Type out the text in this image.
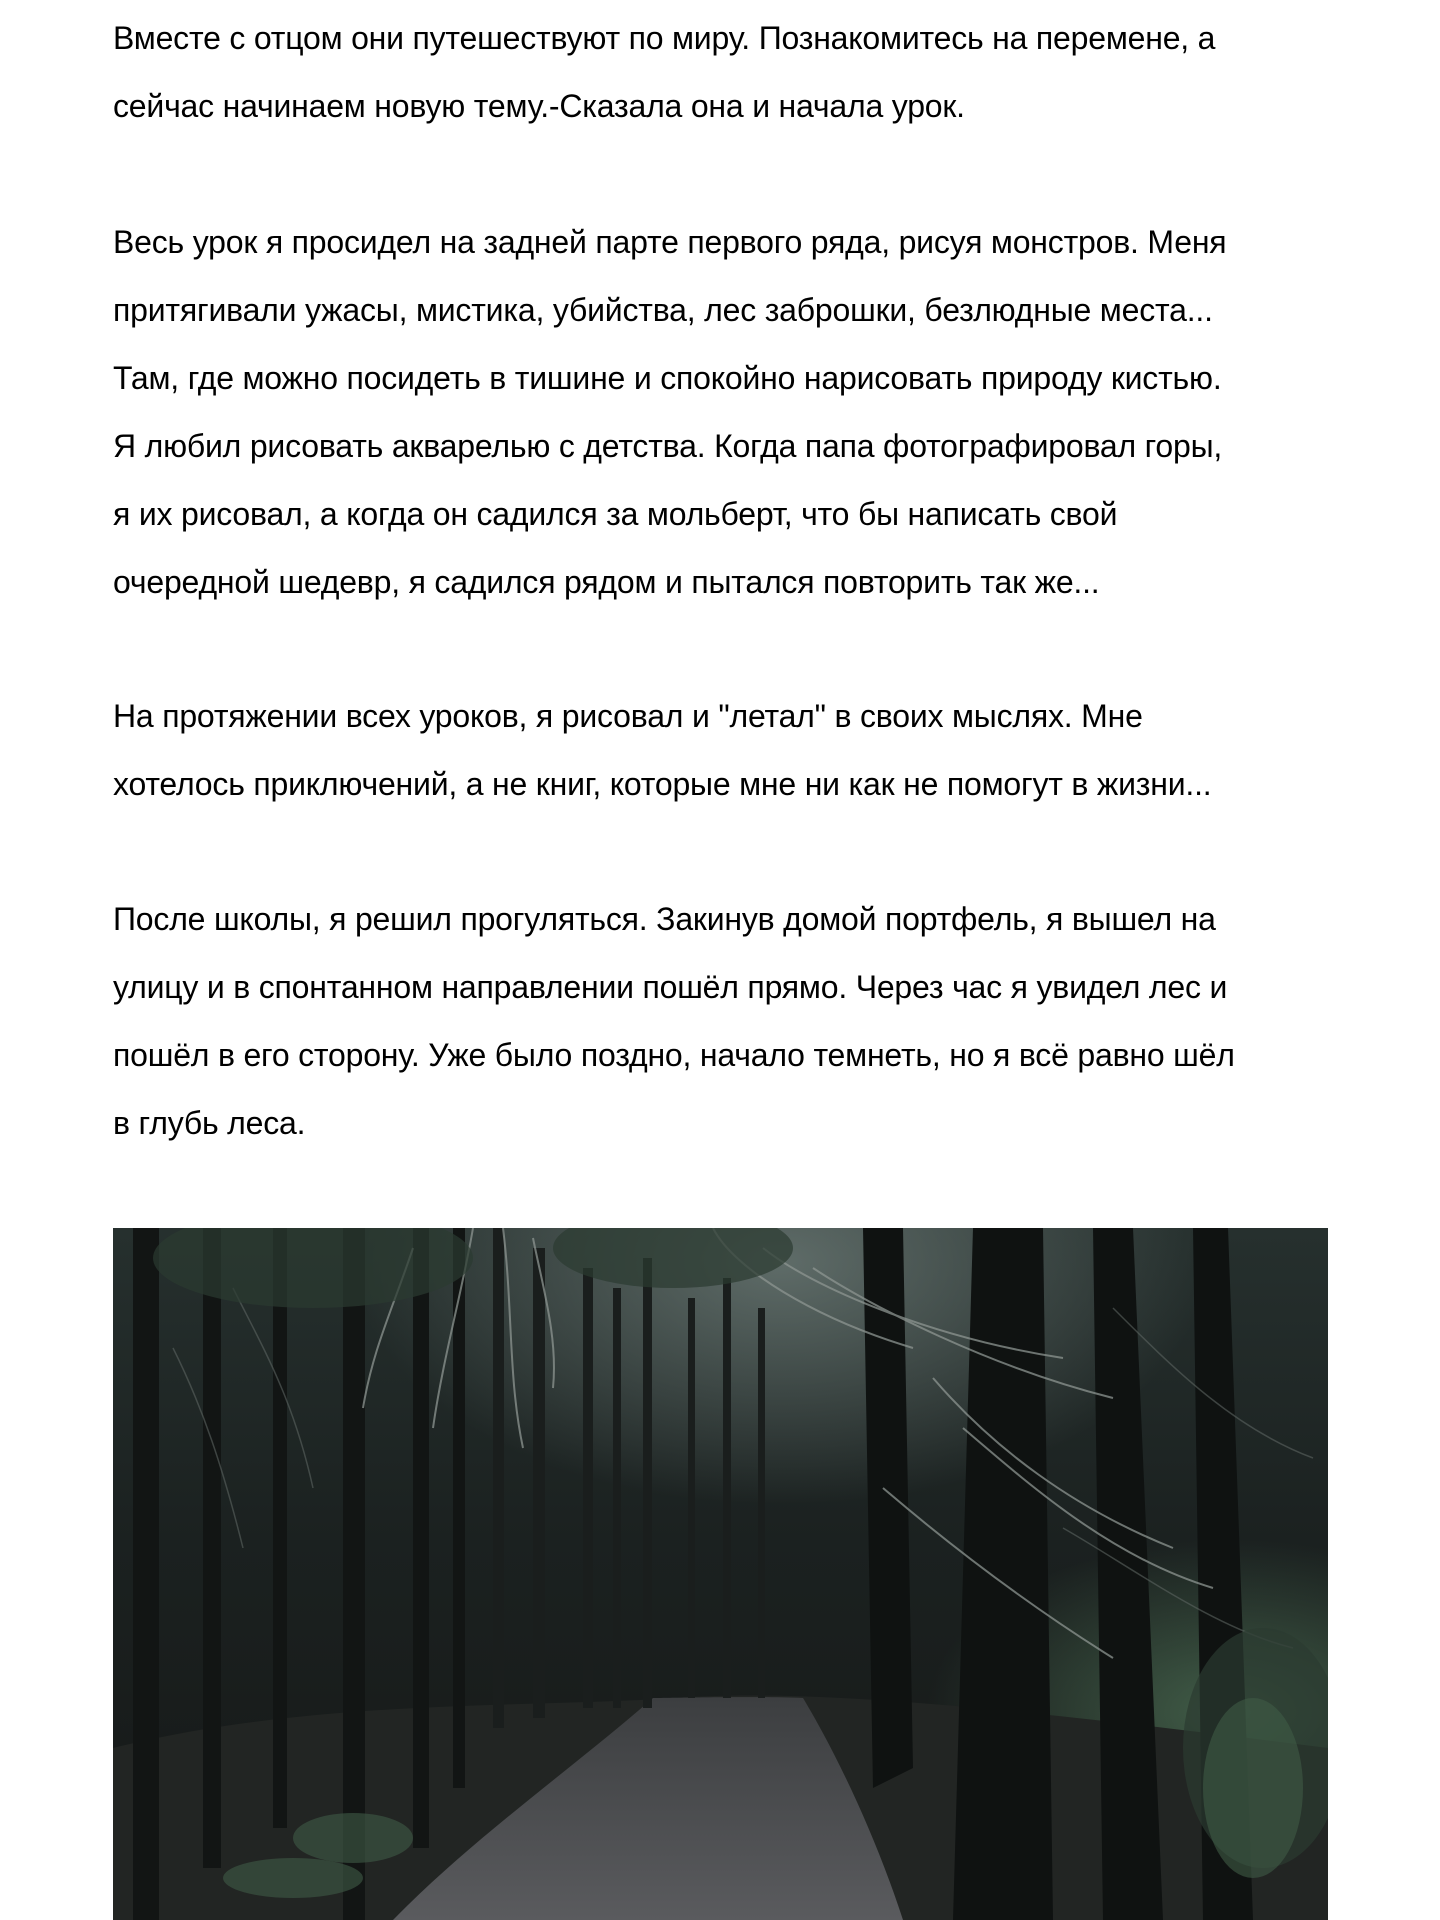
Вместе с отцом они путешествуют по миру. Познакомитесь на перемене, а
сейчас начинаем новую тему.-Сказала она и начала урок.

Весь урок я просидел на задней парте первого ряда, рисуя монстров. Меня
притягивали ужасы, мистика, убийства, лес заброшки, безлюдные места...
Там, где можно посидеть в тишине и спокойно нарисовать природу кистью.
Я любил рисовать акварелью с детства. Когда папа фотографировал горы,
я их рисовал, а когда он садился за мольберт, что бы написать свой
очередной шедевр, я садился рядом и пытался повторить так же...

На протяжении всех уроков, я рисовал и "летал" в своих мыслях. Мне
хотелось приключений, а не книг, которые мне ни как не помогут в жизни...

После школы, я решил прогуляться. Закинув домой портфель, я вышел на
улицу и в спонтанном направлении пошёл прямо. Через час я увидел лес и
пошёл в его сторону. Уже было поздно, начало темнеть, но я всё равно шёл
в глубь леса.
